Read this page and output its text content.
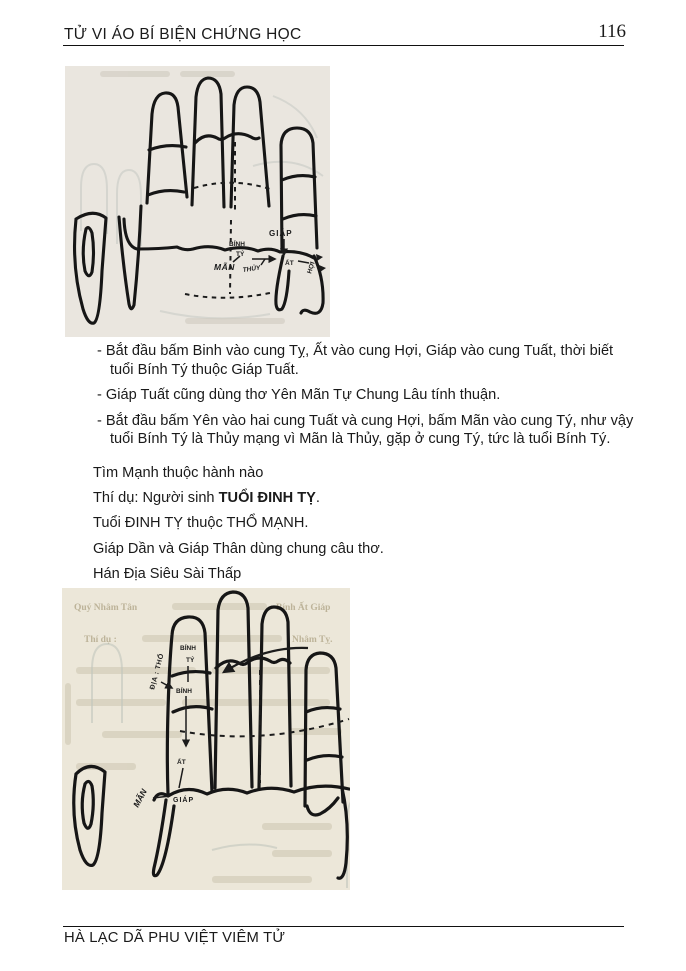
TỬ VI ÁO BÍ BIỆN CHỨNG HỌC	116
GIÁP
BÍNH
TÝ
MÃN THỦY
ẤT HỢI
- Bắt đầu bấm Binh vào cung Tỵ, Ất vào cung Hợi, Giáp vào cung Tuất, thời biết tuổi Bính Tý thuộc Giáp Tuất.
- Giáp Tuất cũng dùng thơ Yên Mãn Tự Chung Lâu tính thuận.
- Bắt đầu bấm Yên vào hai cung Tuất và cung Hợi, bấm Mãn vào cung Tý, như vậy tuổi Bính Tý là Thủy mạng vì Mãn là Thủy, gặp ở cung Tý, tức là tuổi Bính Tý.

Tìm Mạnh thuộc hành nào

Thí dụ: Người sinh TUỔI ĐINH TỴ.

Tuổi ĐINH TỴ thuộc THỔ MẠNH.

Giáp Dần và Giáp Thân dùng chung câu thơ.

Hán Địa Siêu Sài Thấp

Quý Nhâm Tân	Bính Ất Giáp
Thí dụ :	Nhâm Tỵ.
ĐỊA : THỔ
BÍNH
TÝ
BÍNH
ẤT
MÃN	GIÁP
HÀ LẠC DÃ PHU VIỆT VIÊM TỬ
